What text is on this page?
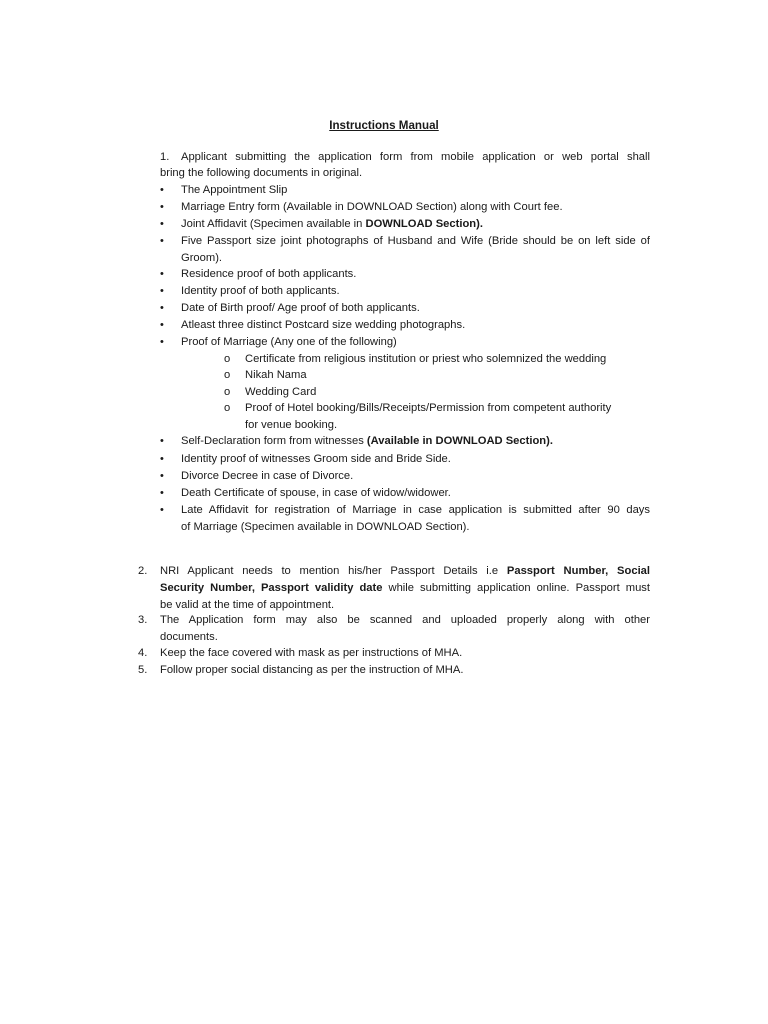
Instructions Manual
1. Applicant submitting the application form from mobile application or web portal shall
bring the following documents in original.
• The Appointment Slip
• Marriage Entry form (Available in DOWNLOAD Section) along with Court fee.
• Joint Affidavit (Specimen available in DOWNLOAD Section).
• Five Passport size joint photographs of Husband and Wife (Bride should be on left side of
Groom).
• Residence proof of both applicants.
• Identity proof of both applicants.
• Date of Birth proof/ Age proof of both applicants.
• Atleast three distinct Postcard size wedding photographs.
• Proof of Marriage (Any one of the following)
o Certificate from religious institution or priest who solemnized the wedding
o Nikah Nama
o Wedding Card
o Proof of Hotel booking/Bills/Receipts/Permission from competent authority
for venue booking.
• Self-Declaration form from witnesses (Available in DOWNLOAD Section).
• Identity proof of witnesses Groom side and Bride Side.
• Divorce Decree in case of Divorce.
• Death Certificate of spouse, in case of widow/widower.
• Late Affidavit for registration of Marriage in case application is submitted after 90 days
of Marriage (Specimen available in DOWNLOAD Section).
2. NRI Applicant needs to mention his/her Passport Details i.e Passport Number, Social
Security Number, Passport validity date while submitting application online. Passport must
be valid at the time of appointment.
3. The Application form may also be scanned and uploaded properly along with other
documents.
4. Keep the face covered with mask as per instructions of MHA.
5. Follow proper social distancing as per the instruction of MHA.
